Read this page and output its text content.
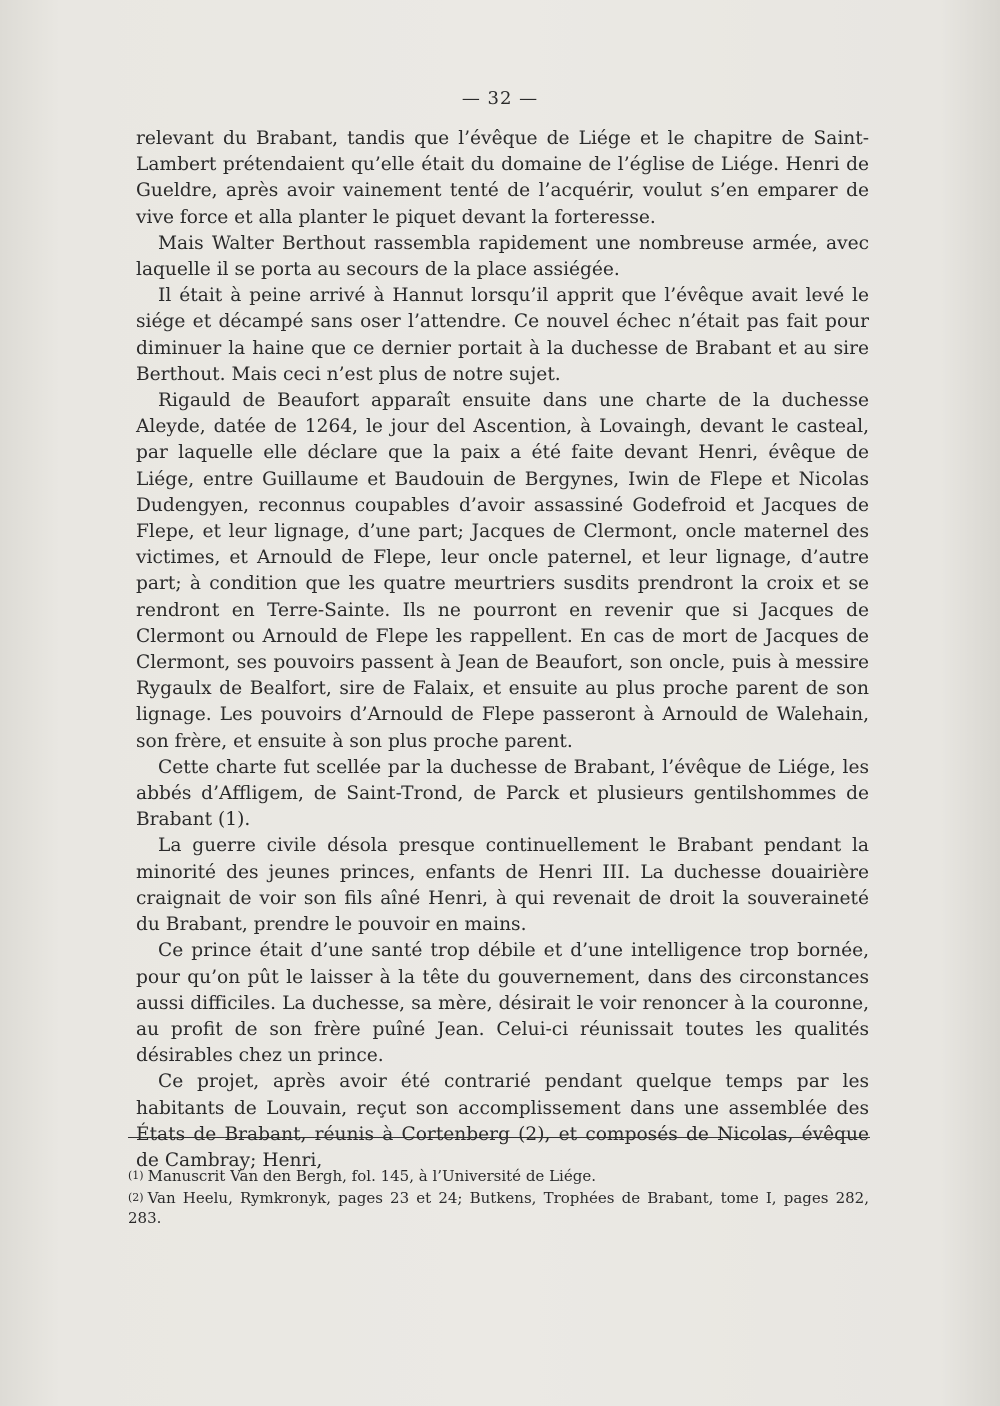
— 32 —

relevant du Brabant, tandis que l’évêque de Liége et le chapitre de Saint-Lambert prétendaient qu’elle était du domaine de l’église de Liége. Henri de Gueldre, après avoir vainement tenté de l’acquérir, voulut s’en emparer de vive force et alla planter le piquet devant la forteresse.

Mais Walter Berthout rassembla rapidement une nombreuse armée, avec laquelle il se porta au secours de la place assiégée.

Il était à peine arrivé à Hannut lorsqu’il apprit que l’évêque avait levé le siége et décampé sans oser l’attendre. Ce nouvel échec n’était pas fait pour diminuer la haine que ce dernier portait à la duchesse de Brabant et au sire Berthout. Mais ceci n’est plus de notre sujet.

Rigauld de Beaufort apparaît ensuite dans une charte de la duchesse Aleyde, datée de 1264, le jour del Ascention, à Lovaingh, devant le casteal, par laquelle elle déclare que la paix a été faite devant Henri, évêque de Liége, entre Guillaume et Baudouin de Bergynes, Iwin de Flepe et Nicolas Dudengyen, reconnus coupables d’avoir assassiné Godefroid et Jacques de Flepe, et leur lignage, d’une part; Jacques de Clermont, oncle maternel des victimes, et Arnould de Flepe, leur oncle paternel, et leur lignage, d’autre part; à condition que les quatre meurtriers susdits prendront la croix et se rendront en Terre-Sainte. Ils ne pourront en revenir que si Jacques de Clermont ou Arnould de Flepe les rappellent. En cas de mort de Jacques de Clermont, ses pouvoirs passent à Jean de Beaufort, son oncle, puis à messire Rygaulx de Bealfort, sire de Falaix, et ensuite au plus proche parent de son lignage. Les pouvoirs d’Arnould de Flepe passeront à Arnould de Walehain, son frère, et ensuite à son plus proche parent.

Cette charte fut scellée par la duchesse de Brabant, l’évêque de Liége, les abbés d’Affligem, de Saint-Trond, de Parck et plusieurs gentilshommes de Brabant (1).

La guerre civile désola presque continuellement le Brabant pendant la minorité des jeunes princes, enfants de Henri III. La duchesse douairière craignait de voir son fils aîné Henri, à qui revenait de droit la souveraineté du Brabant, prendre le pouvoir en mains.

Ce prince était d’une santé trop débile et d’une intelligence trop bornée, pour qu’on pût le laisser à la tête du gouvernement, dans des circonstances aussi difficiles. La duchesse, sa mère, désirait le voir renoncer à la couronne, au profit de son frère puîné Jean. Celui-ci réunissait toutes les qualités désirables chez un prince.

Ce projet, après avoir été contrarié pendant quelque temps par les habitants de Louvain, reçut son accomplissement dans une assemblée des États de Brabant, réunis à Cortenberg (2), et composés de Nicolas, évêque de Cambray; Henri,

(1) Manuscrit Van den Bergh, fol. 145, à l’Université de Liége.

(2) Van Heelu, Rymkronyk, pages 23 et 24; Butkens, Trophées de Brabant, tome I, pages 282, 283.
